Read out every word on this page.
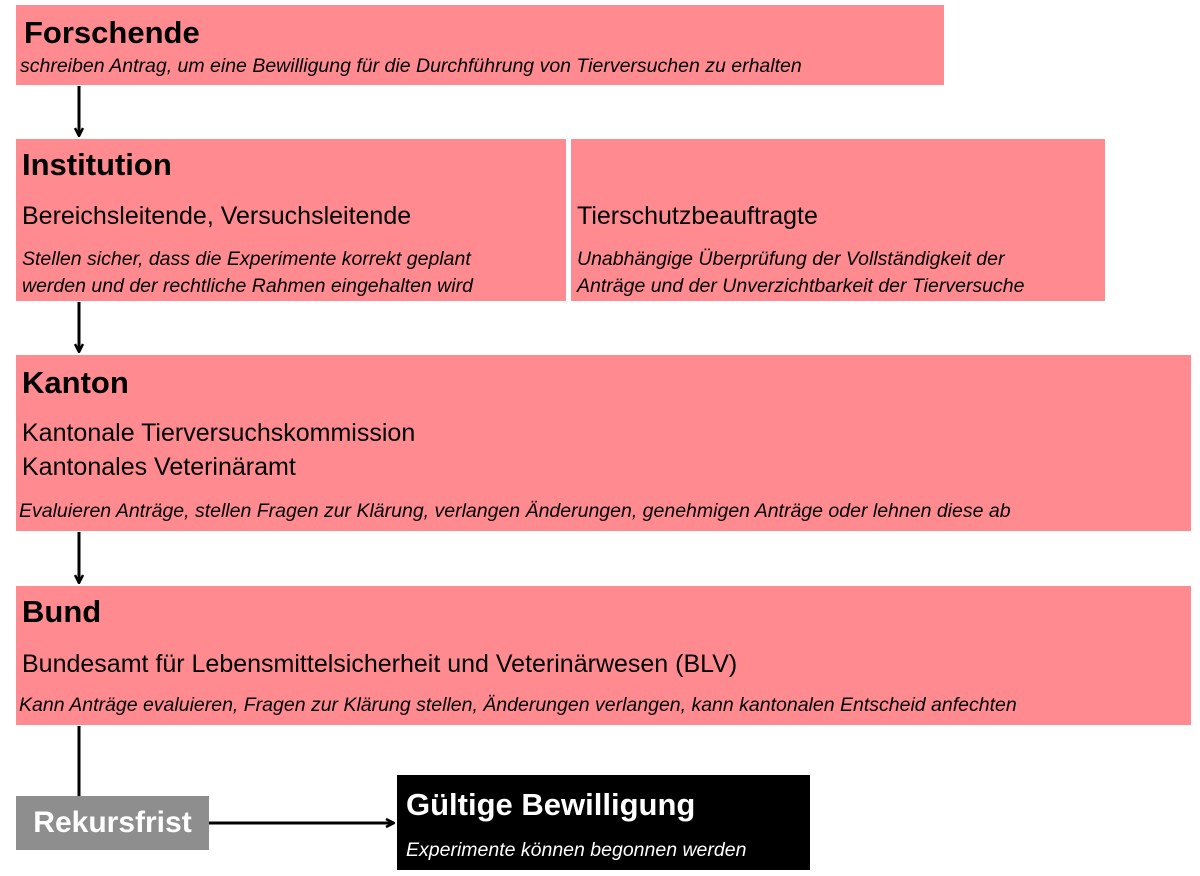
Forschende
schreiben Antrag, um eine Bewilligung für die Durchführung von Tierversuchen zu erhalten
Institution
Bereichsleitende, Versuchsleitende
Stellen sicher, dass die Experimente korrekt geplant
werden und der rechtliche Rahmen eingehalten wird
Tierschutzbeauftragte
Unabhängige Überprüfung der Vollständigkeit der
Anträge und der Unverzichtbarkeit der Tierversuche
Kanton
Kantonale Tierversuchskommission
Kantonales Veterinäramt
Evaluieren Anträge, stellen Fragen zur Klärung, verlangen Änderungen, genehmigen Anträge oder lehnen diese ab
Bund
Bundesamt für Lebensmittelsicherheit und Veterinärwesen (BLV)
Kann Anträge evaluieren, Fragen zur Klärung stellen, Änderungen verlangen, kann kantonalen Entscheid anfechten
Rekursfrist
Gültige Bewilligung
Experimente können begonnen werden
